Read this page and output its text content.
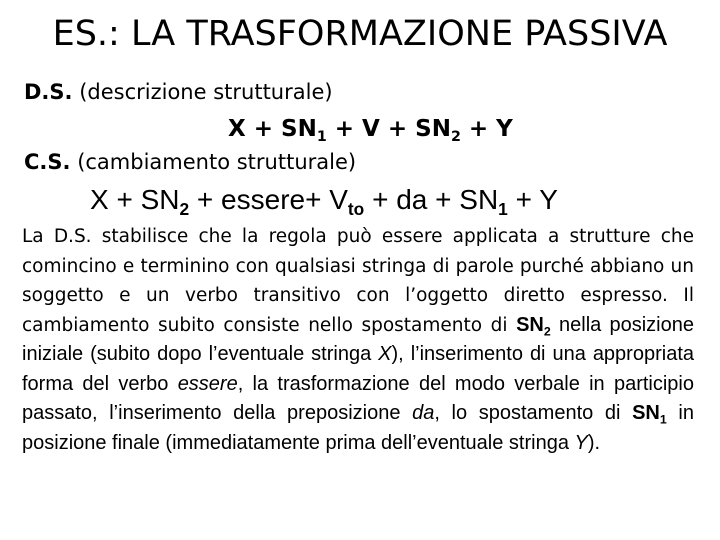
ES.: LA TRASFORMAZIONE PASSIVA
D.S. (descrizione strutturale)
$X + SN_1 + V + SN_2 + Y$
C.S. (cambiamento strutturale)
$X + SN_2$ + essere+ $V_{to}$ + da + $SN_1 + Y$
La D.S. stabilisce che la regola può essere applicata a strutture che comincino e terminino con qualsiasi stringa di parole purché abbiano un soggetto e un verbo transitivo con l’oggetto diretto espresso. Il cambiamento subito consiste nello spostamento di $SN_2$ nella posizione iniziale (subito dopo l’eventuale stringa X), l’inserimento di una appropriata forma del verbo essere, la trasformazione del modo verbale in participio passato, l’inserimento della preposizione da, lo spostamento di $SN_1$ in posizione finale (immediatamente prima dell’eventuale stringa Y).
